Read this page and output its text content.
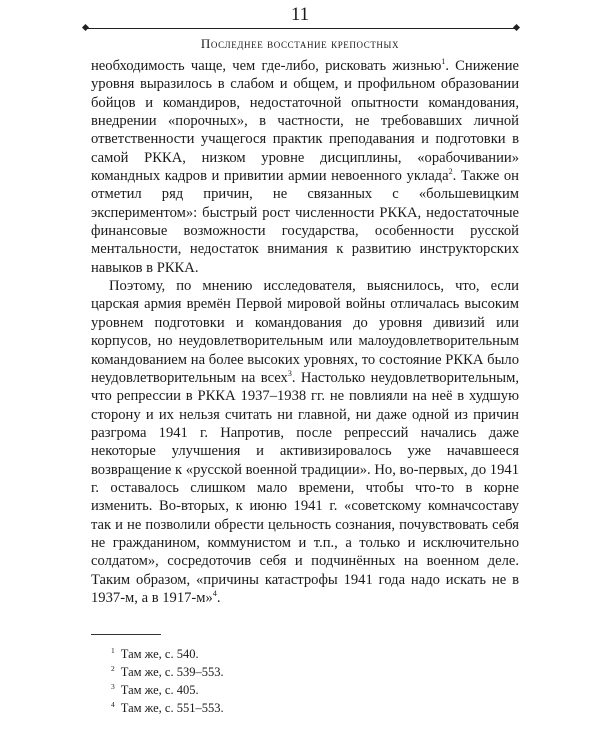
11
Последнее восстание крепостных

необходимость чаще, чем где-либо, рисковать жизнью$^1$. Снижение уровня выразилось в слабом и общем, и профильном образовании бойцов и командиров, недостаточной опытности командования, внедрении «порочных», в частности, не требовавших личной ответственности учащегося практик преподавания и подготовки в самой РККА, низком уровне дисциплины, «орабочивании» командных кадров и привитии армии невоенного уклада$^2$. Также он отметил ряд причин, не связанных с «большевицким экспериментом»: быстрый рост численности РККА, недостаточные финансовые возможности государства, особенности русской ментальности, недостаток внимания к развитию инструкторских навыков в РККА.

Поэтому, по мнению исследователя, выяснилось, что, если царская армия времён Первой мировой войны отличалась высоким уровнем подготовки и командования до уровня дивизий или корпусов, но неудовлетворительным или малоудовлетворительным командованием на более высоких уровнях, то состояние РККА было неудовлетворительным на всех$^3$. Настолько неудовлетворительным, что репрессии в РККА 1937–1938 гг. не повлияли на неё в худшую сторону и их нельзя считать ни главной, ни даже одной из причин разгрома 1941 г. Напротив, после репрессий начались даже некоторые улучшения и активизировалось уже начавшееся возвращение к «русской военной традиции». Но, во-первых, до 1941 г. оставалось слишком мало времени, чтобы что-то в корне изменить. Во-вторых, к июню 1941 г. «советскому комначсоставу так и не позволили обрести цельность сознания, почувствовать себя не гражданином, коммунистом и т.п., а только и исключительно солдатом», сосредоточив себя и подчинённых на военном деле. Таким образом, «причины катастрофы 1941 года надо искать не в 1937-м, а в 1917-м»$^4$.

$^1$ Там же, с. 540.
$^2$ Там же, с. 539–553.
$^3$ Там же, с. 405.
$^4$ Там же, с. 551–553.
